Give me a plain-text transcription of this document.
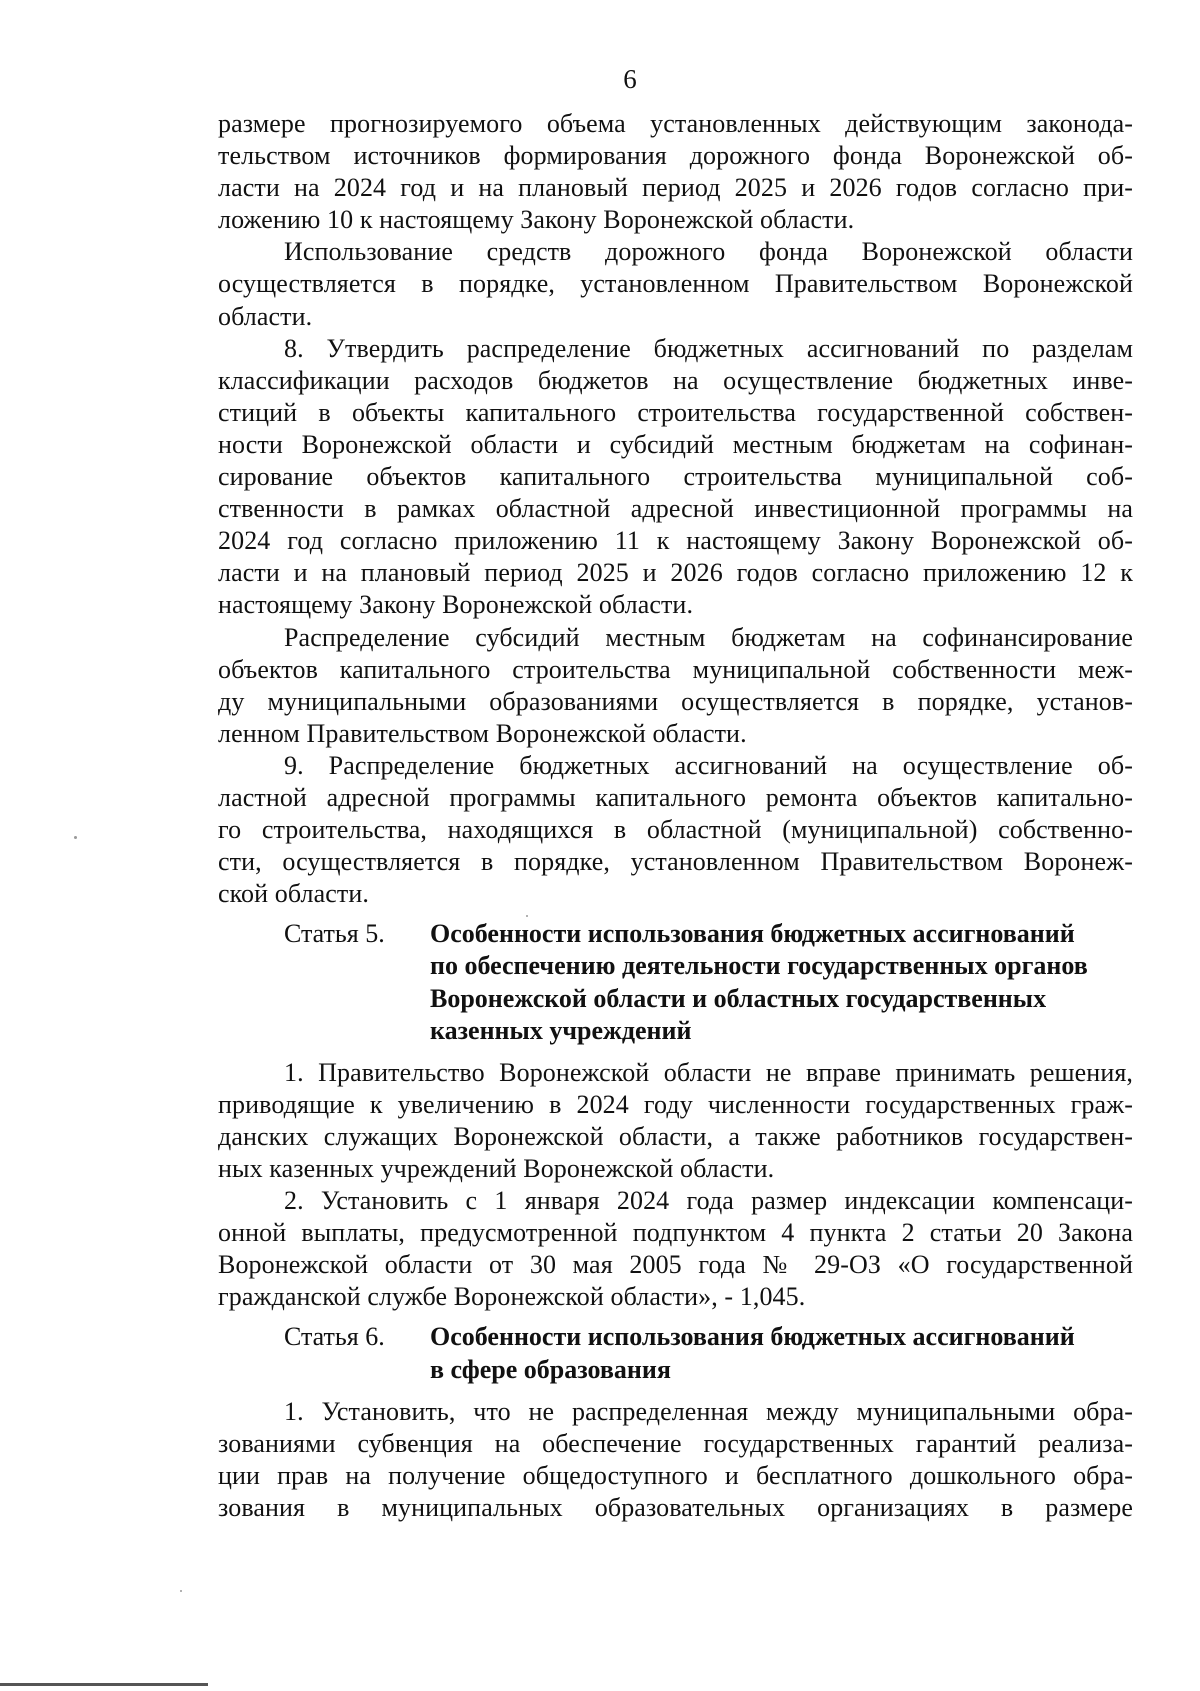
6
размере прогнозируемого объема установленных действующим законода-
тельством источников формирования дорожного фонда Воронежской об-
ласти на 2024 год и на плановый период 2025 и 2026 годов согласно при-
ложению 10 к настоящему Закону Воронежской области.
Использование средств дорожного фонда Воронежской области
осуществляется в порядке, установленном Правительством Воронежской
области.
8. Утвердить распределение бюджетных ассигнований по разделам
классификации расходов бюджетов на осуществление бюджетных инве-
стиций в объекты капитального строительства государственной собствен-
ности Воронежской области и субсидий местным бюджетам на софинан-
сирование объектов капитального строительства муниципальной соб-
ственности в рамках областной адресной инвестиционной программы на
2024 год согласно приложению 11 к настоящему Закону Воронежской об-
ласти и на плановый период 2025 и 2026 годов согласно приложению 12 к
настоящему Закону Воронежской области.
Распределение субсидий местным бюджетам на софинансирование
объектов капитального строительства муниципальной собственности меж-
ду муниципальными образованиями осуществляется в порядке, установ-
ленном Правительством Воронежской области.
9. Распределение бюджетных ассигнований на осуществление об-
ластной адресной программы капитального ремонта объектов капитально-
го строительства, находящихся в областной (муниципальной) собственно-
сти, осуществляется в порядке, установленном Правительством Воронеж-
ской области.
Статья 5. Особенности использования бюджетных ассигнований
по обеспечению деятельности государственных органов
Воронежской области и областных государственных
казенных учреждений
1. Правительство Воронежской области не вправе принимать решения,
приводящие к увеличению в 2024 году численности государственных граж-
данских служащих Воронежской области, а также работников государствен-
ных казенных учреждений Воронежской области.
2. Установить с 1 января 2024 года размер индексации компенсаци-
онной выплаты, предусмотренной подпунктом 4 пункта 2 статьи 20 Закона
Воронежской области от 30 мая 2005 года № 29-ОЗ «О государственной
гражданской службе Воронежской области», - 1,045.
Статья 6. Особенности использования бюджетных ассигнований
в сфере образования
1. Установить, что не распределенная между муниципальными обра-
зованиями субвенция на обеспечение государственных гарантий реализа-
ции прав на получение общедоступного и бесплатного дошкольного обра-
зования в муниципальных образовательных организациях в размере
